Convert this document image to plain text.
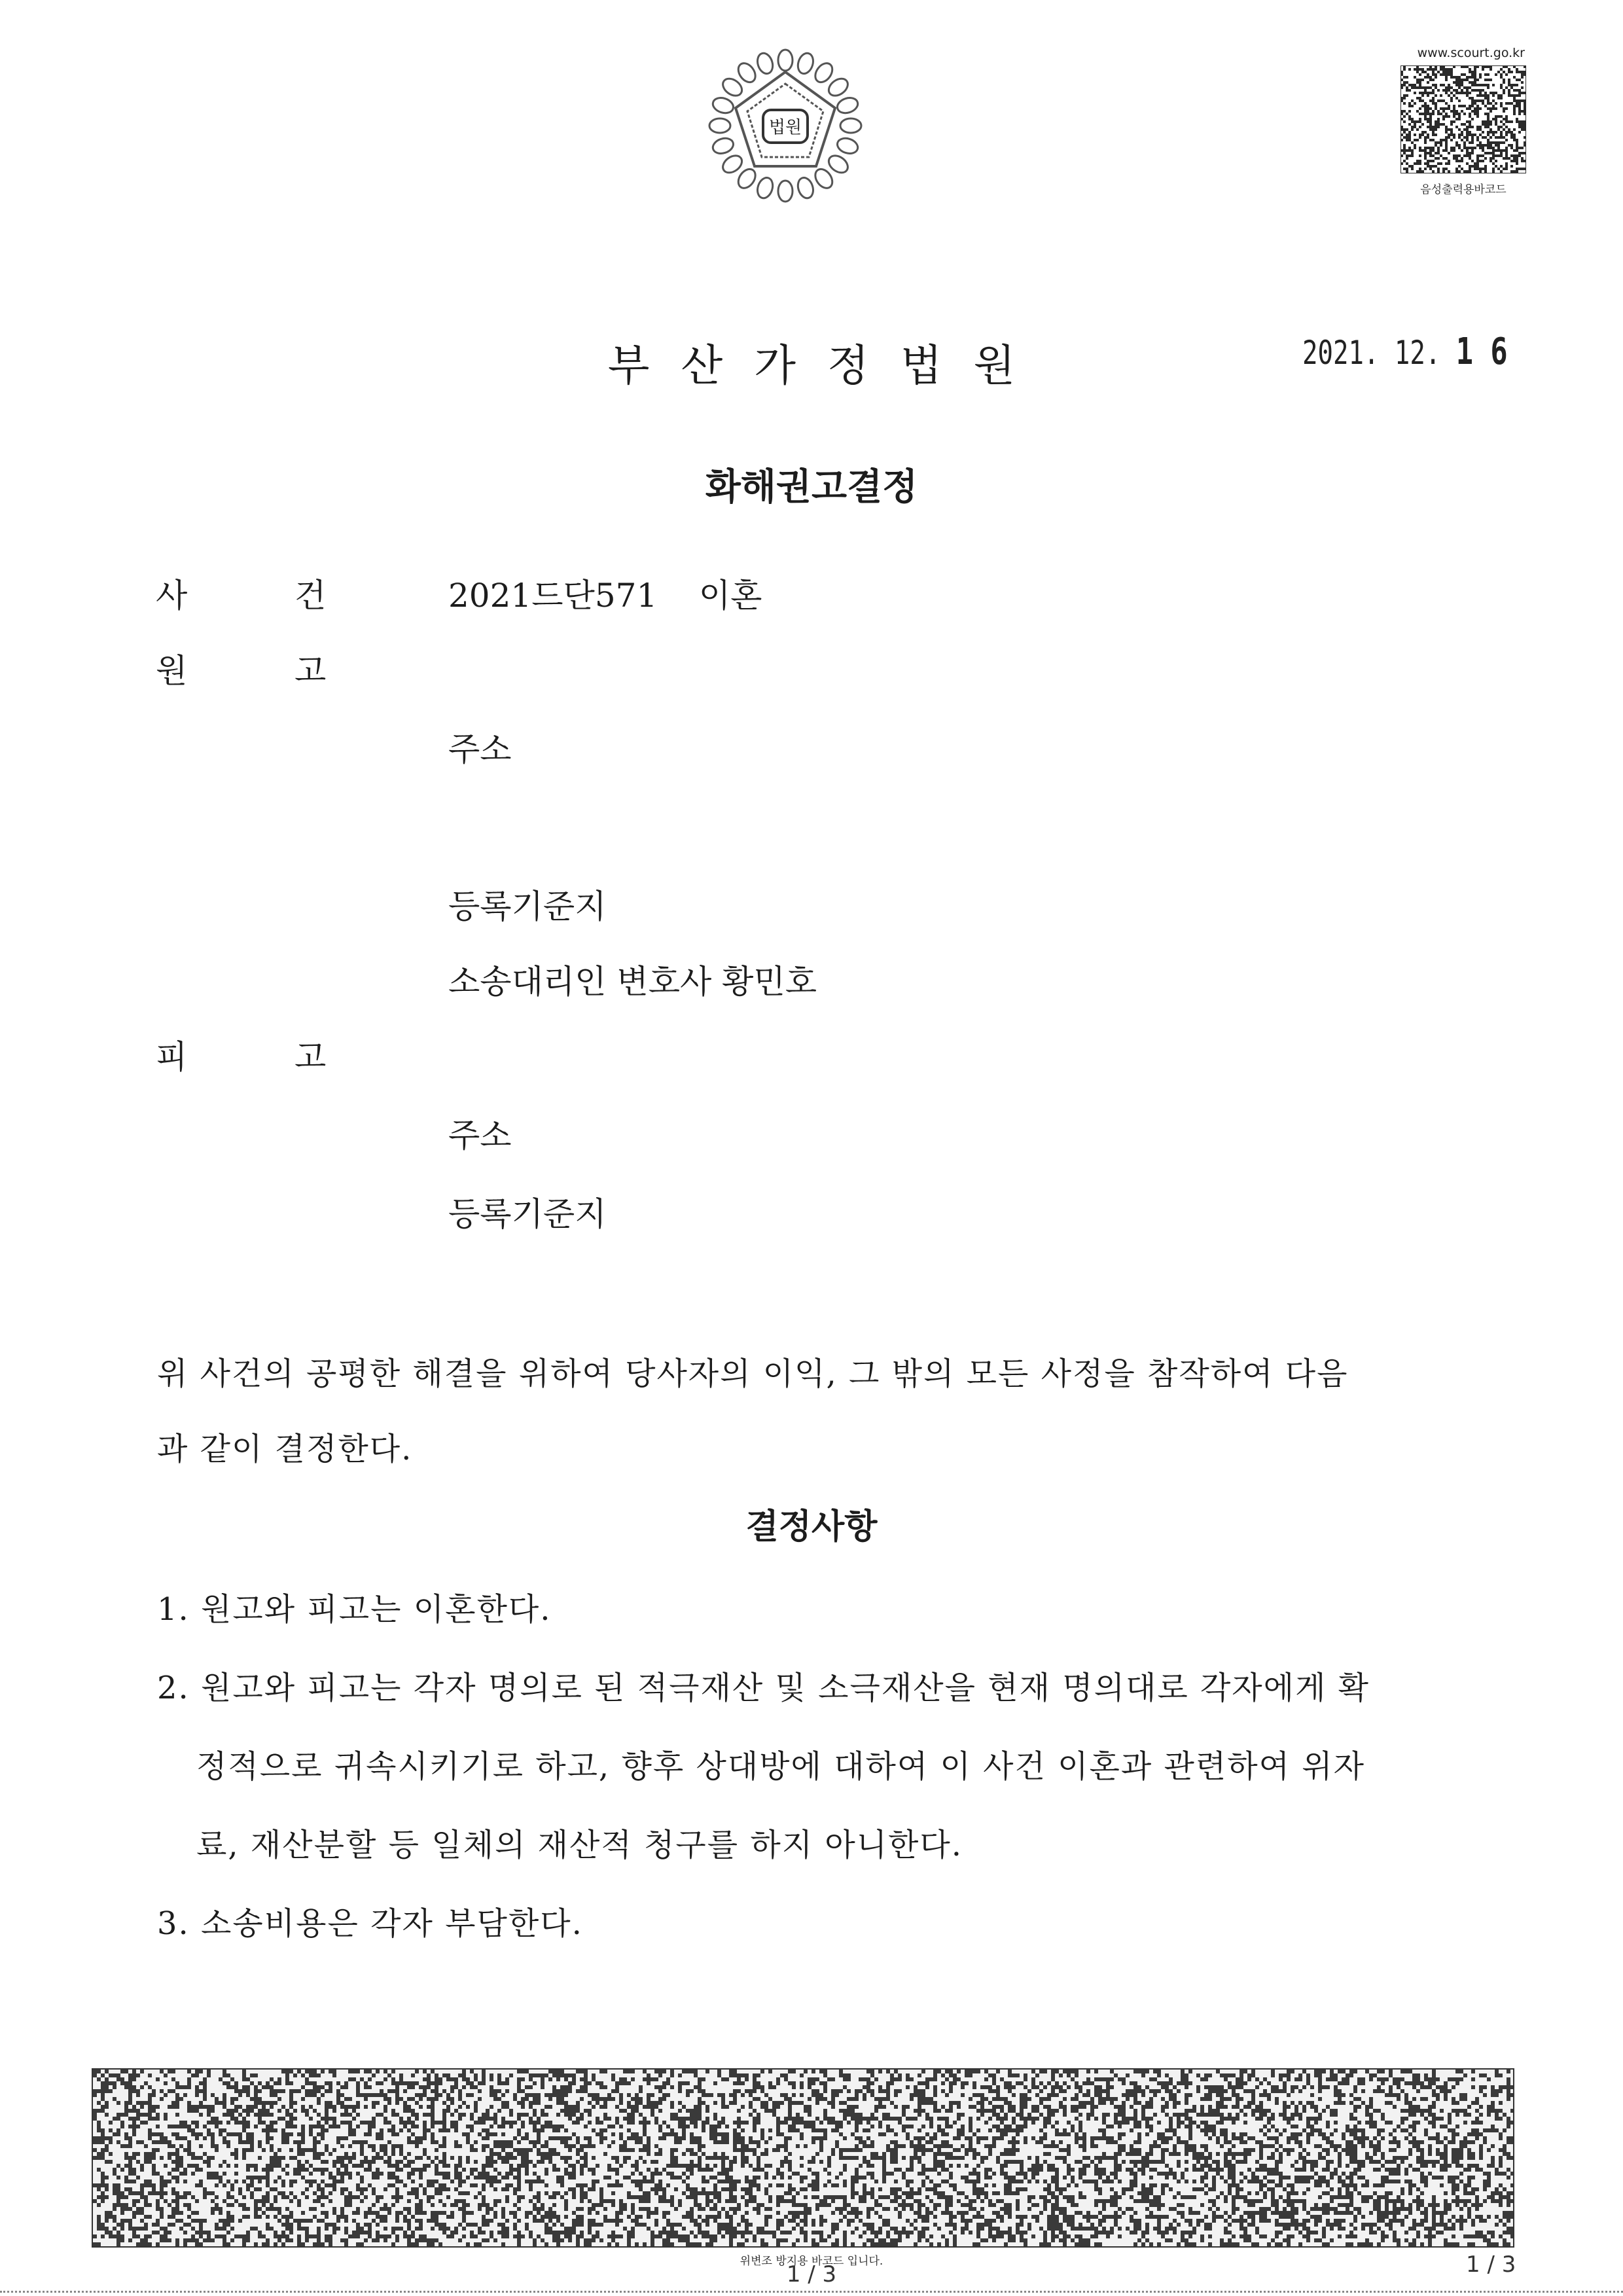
법원
www.scourt.go.kr
음성출력용바코드
부산가정법원	2021. 12. 1 6
화해권고결정
사	건	2021드단571    이혼
원	고
주소
등록기준지
소송대리인 변호사 황민호
피	고
주소
등록기준지
위 사건의 공평한 해결을 위하여 당사자의 이익, 그 밖의 모든 사정을 참작하여 다음
과 같이 결정한다.
결정사항
1. 원고와 피고는 이혼한다.
2. 원고와 피고는 각자 명의로 된 적극재산 및 소극재산을 현재 명의대로 각자에게 확
정적으로 귀속시키기로 하고, 향후 상대방에 대하여 이 사건 이혼과 관련하여 위자
료, 재산분할 등 일체의 재산적 청구를 하지 아니한다.
3. 소송비용은 각자 부담한다.
위변조 방지용 바코드 입니다.
1 / 3	1 / 3
